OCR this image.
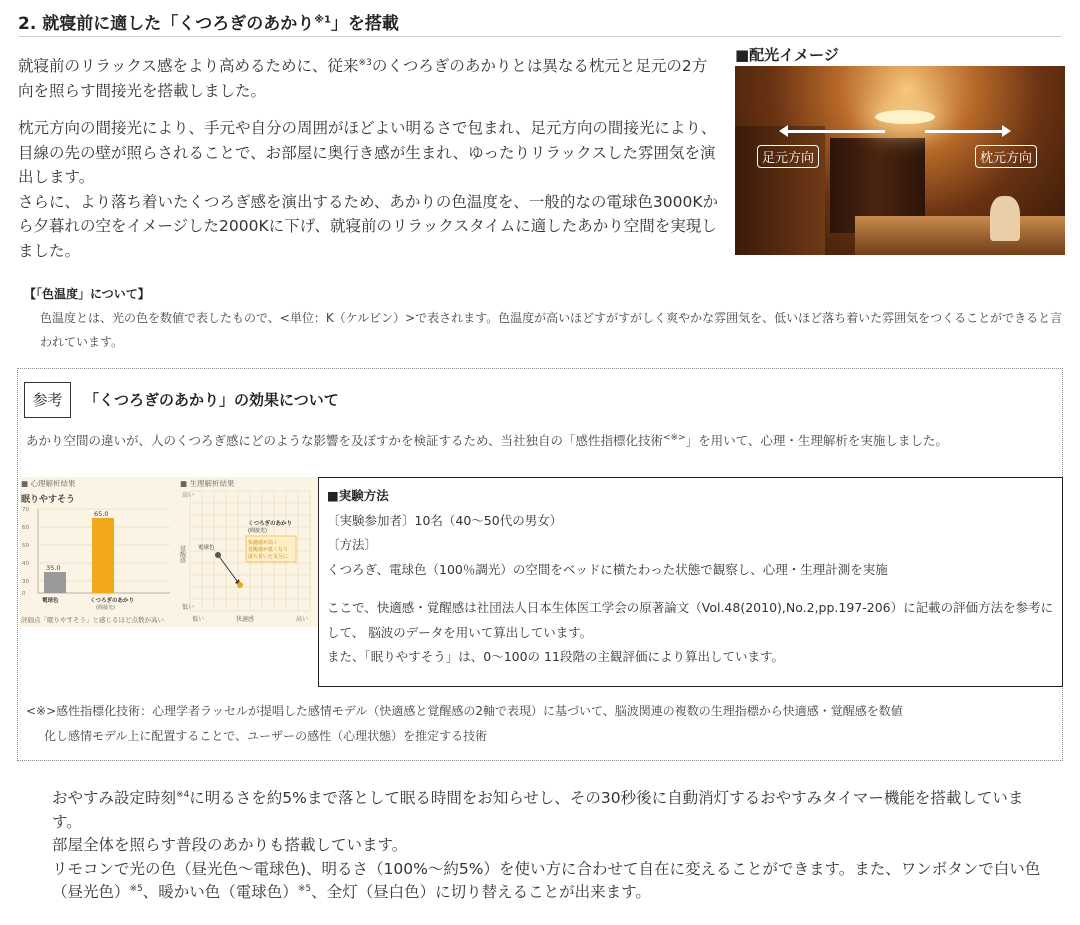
2. 就寝前に適した「くつろぎのあかり$^{※1}$」を搭載

就寝前のリラックス感をより高めるために、従来$^{※3}$のくつろぎのあかりとは異なる枕元と足元の2方向を照らす間接光を搭載しました。

枕元方向の間接光により、手元や自分の周囲がほどよい明るさで包まれ、足元方向の間接光により、目線の先の壁が照らされることで、お部屋に奥行き感が生まれ、ゆったりリラックスした雰囲気を演出します。
さらに、より落ち着いたくつろぎ感を演出するため、あかりの色温度を、一般的なの電球色3000Kから夕暮れの空をイメージした2000Kに下げ、就寝前のリラックスタイムに適したあかり空間を実現しました。

■配光イメージ
足元方向	枕元方向
【「色温度」について】
色温度とは、光の色を数値で表したもので、<単位：K（ケルビン）>で表されます。色温度が高いほどすがすがしく爽やかな雰囲気を、低いほど落ち着いた雰囲気をつくることができると言われています。
参考	「くつろぎのあかり」の効果について
あかり空間の違いが、人のくつろぎ感にどのような影響を及ぼすかを検証するため、当社独自の「感性指標化技術<※>」を用いて、心理・生理解析を実施しました。
■ 心理解析結果
眠りやすそう
0
30
40
50
60
70
35.0
電球色
65.0
くつろぎのあかり
(間接光)
評価点「眠りやすそう」と感じるほど点数が高い
■ 生理解析結果
高い
低い
覚醒感
低い	快適感	高い
電球色
くつろぎのあかり
(間接光)
快適感が高く
覚醒感が低くなり
落ち着いた気分に
■実験方法
〔実験参加者〕10名（40〜50代の男女）
〔方法〕
くつろぎ、電球色（100％調光）の空間をベッドに横たわった状態で観察し、心理・生理計測を実施
ここで、快適感・覚醒感は社団法人日本生体医工学会の原著論文（Vol.48(2010),No.2,pp.197-206）に記載の評価方法を参考にして、 脳波のデータを用いて算出しています。
また、「眠りやすそう」は、0〜100の 11段階の主観評価により算出しています。
<※>感性指標化技術：心理学者ラッセルが提唱した感情モデル（快適感と覚醒感の2軸で表現）に基づいて、脳波関連の複数の生理指標から快適感・覚醒感を数値
化し感情モデル上に配置することで、ユーザーの感性（心理状態）を推定する技術
おやすみ設定時刻$^{※4}$に明るさを約5%まで落として眠る時間をお知らせし、その30秒後に自動消灯するおやすみタイマー機能を搭載しています。
部屋全体を照らす普段のあかりも搭載しています。
リモコンで光の色（昼光色〜電球色)、明るさ（100%〜約5%）を使い方に合わせて自在に変えることができます。また、ワンボタンで白い色（昼光色）$^{※5}$、暖かい色（電球色）$^{※5}$、全灯（昼白色）に切り替えることが出来ます。
